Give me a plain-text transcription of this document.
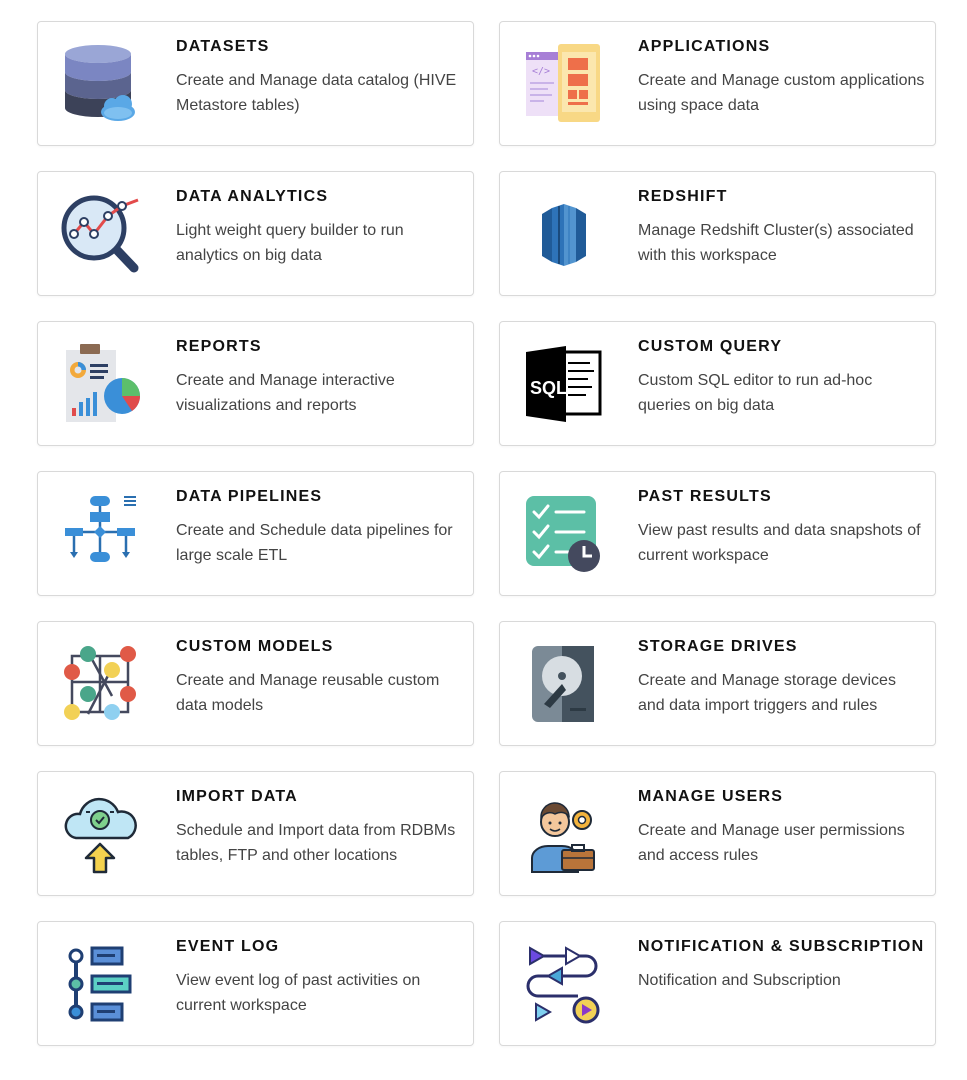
DATASETS
Create and Manage data catalog (HIVE Metastore tables)
</>
APPLICATIONS
Create and Manage custom applications using space data
DATA ANALYTICS
Light weight query builder to run analytics on big data
REDSHIFT
Manage Redshift Cluster(s) associated with this workspace
REPORTS
Create and Manage interactive visualizations and reports
SQL
CUSTOM QUERY
Custom SQL editor to run ad-hoc queries on big data
DATA PIPELINES
Create and Schedule data pipelines for large scale ETL
PAST RESULTS
View past results and data snapshots of current workspace
CUSTOM MODELS
Create and Manage reusable custom data models
STORAGE DRIVES
Create and Manage storage devices and data import triggers and rules
IMPORT DATA
Schedule and Import data from RDBMs tables, FTP and other locations
MANAGE USERS
Create and Manage user permissions and access rules
EVENT LOG
View event log of past activities on current workspace
NOTIFICATION & SUBSCRIPTION
Notification and Subscription
